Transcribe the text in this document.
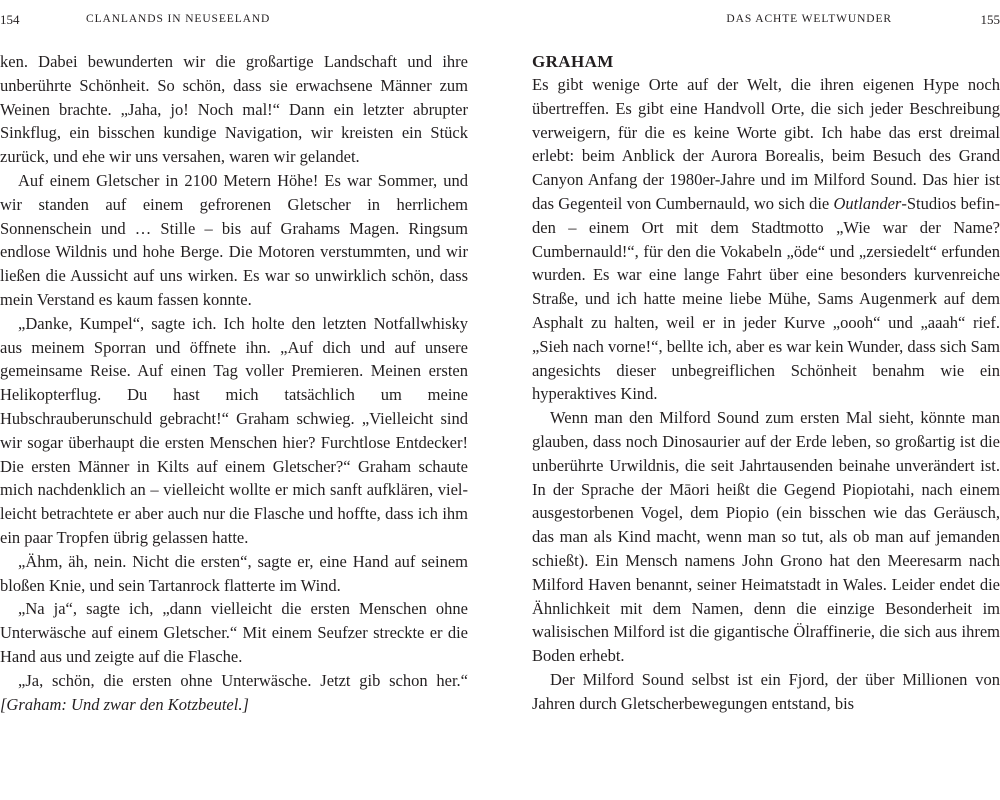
154	CLANLANDS IN NEUSEELAND

ken. Dabei bewunderten wir die großartige Landschaft und ihre unberührte Schönheit. So schön, dass sie erwachsene Männer zum Weinen brachte. „Jaha, jo! Noch mal!“ Dann ein letzter abrupter Sinkflug, ein bisschen kundige Navigation, wir kreisten ein Stück zurück, und ehe wir uns versahen, waren wir gelandet.

Auf einem Gletscher in 2100 Metern Höhe! Es war Sommer, und wir standen auf einem gefrorenen Gletscher in herrlichem Sonnenschein und … Stille – bis auf Grahams Magen. Ringsum endlose Wildnis und hohe Berge. Die Motoren verstummten, und wir ließen die Aussicht auf uns wirken. Es war so unwirklich schön, dass mein Verstand es kaum fassen konnte.

„Danke, Kumpel“, sagte ich. Ich holte den letzten Notfallwhisky aus meinem Sporran und öffnete ihn. „Auf dich und auf unsere gemeinsame Reise. Auf einen Tag voller Premieren. Meinen ersten Helikopterflug. Du hast mich tatsächlich um meine Hubschrauberunschuld gebracht!“ Graham schwieg. „Vielleicht sind wir sogar überhaupt die ersten Menschen hier? Furchtlose Entdecker! Die ersten Männer in Kilts auf einem Gletscher?“ Graham schaute mich nachdenklich an – vielleicht wollte er mich sanft aufklären, vielleicht betrachtete er aber auch nur die Flasche und hoffte, dass ich ihm ein paar Tropfen übrig gelassen hatte.

„Ähm, äh, nein. Nicht die ersten“, sagte er, eine Hand auf seinem bloßen Knie, und sein Tartanrock flatterte im Wind.

„Na ja“, sagte ich, „dann vielleicht die ersten Menschen ohne Unterwäsche auf einem Gletscher.“ Mit einem Seufzer streckte er die Hand aus und zeigte auf die Flasche.

„Ja, schön, die ersten ohne Unterwäsche. Jetzt gib schon her.“ [Graham: Und zwar den Kotzbeutel.]

DAS ACHTE WELTWUNDER	155
GRAHAM

Es gibt wenige Orte auf der Welt, die ihren eigenen Hype noch übertreffen. Es gibt eine Handvoll Orte, die sich jeder Beschreibung verweigern, für die es keine Worte gibt. Ich habe das erst dreimal erlebt: beim Anblick der Aurora Borealis, beim Besuch des Grand Canyon Anfang der 1980er-Jahre und im Milford Sound. Das hier ist das Gegenteil von Cumbernauld, wo sich die Outlander-Studios befinden – einem Ort mit dem Stadtmotto „Wie war der Name? Cumbernauld!“, für den die Vokabeln „öde“ und „zersiedelt“ erfunden wurden. Es war eine lange Fahrt über eine besonders kurvenreiche Straße, und ich hatte meine liebe Mühe, Sams Augenmerk auf dem Asphalt zu halten, weil er in jeder Kurve „oooh“ und „aaah“ rief. „Sieh nach vorne!“, bellte ich, aber es war kein Wunder, dass sich Sam angesichts dieser unbegreiflichen Schönheit benahm wie ein hyperaktives Kind.

Wenn man den Milford Sound zum ersten Mal sieht, könnte man glauben, dass noch Dinosaurier auf der Erde leben, so großartig ist die unberührte Urwildnis, die seit Jahrtausenden beinahe unverändert ist. In der Sprache der Māori heißt die Gegend Piopiotahi, nach einem ausgestorbenen Vogel, dem Piopio (ein bisschen wie das Geräusch, das man als Kind macht, wenn man so tut, als ob man auf jemanden schießt). Ein Mensch namens John Grono hat den Meeresarm nach Milford Haven benannt, seiner Heimatstadt in Wales. Leider endet die Ähnlichkeit mit dem Namen, denn die einzige Besonderheit im walisischen Milford ist die gigantische Ölraffinerie, die sich aus ihrem Boden erhebt.

Der Milford Sound selbst ist ein Fjord, der über Millionen von Jahren durch Gletscherbewegungen entstand, bis
